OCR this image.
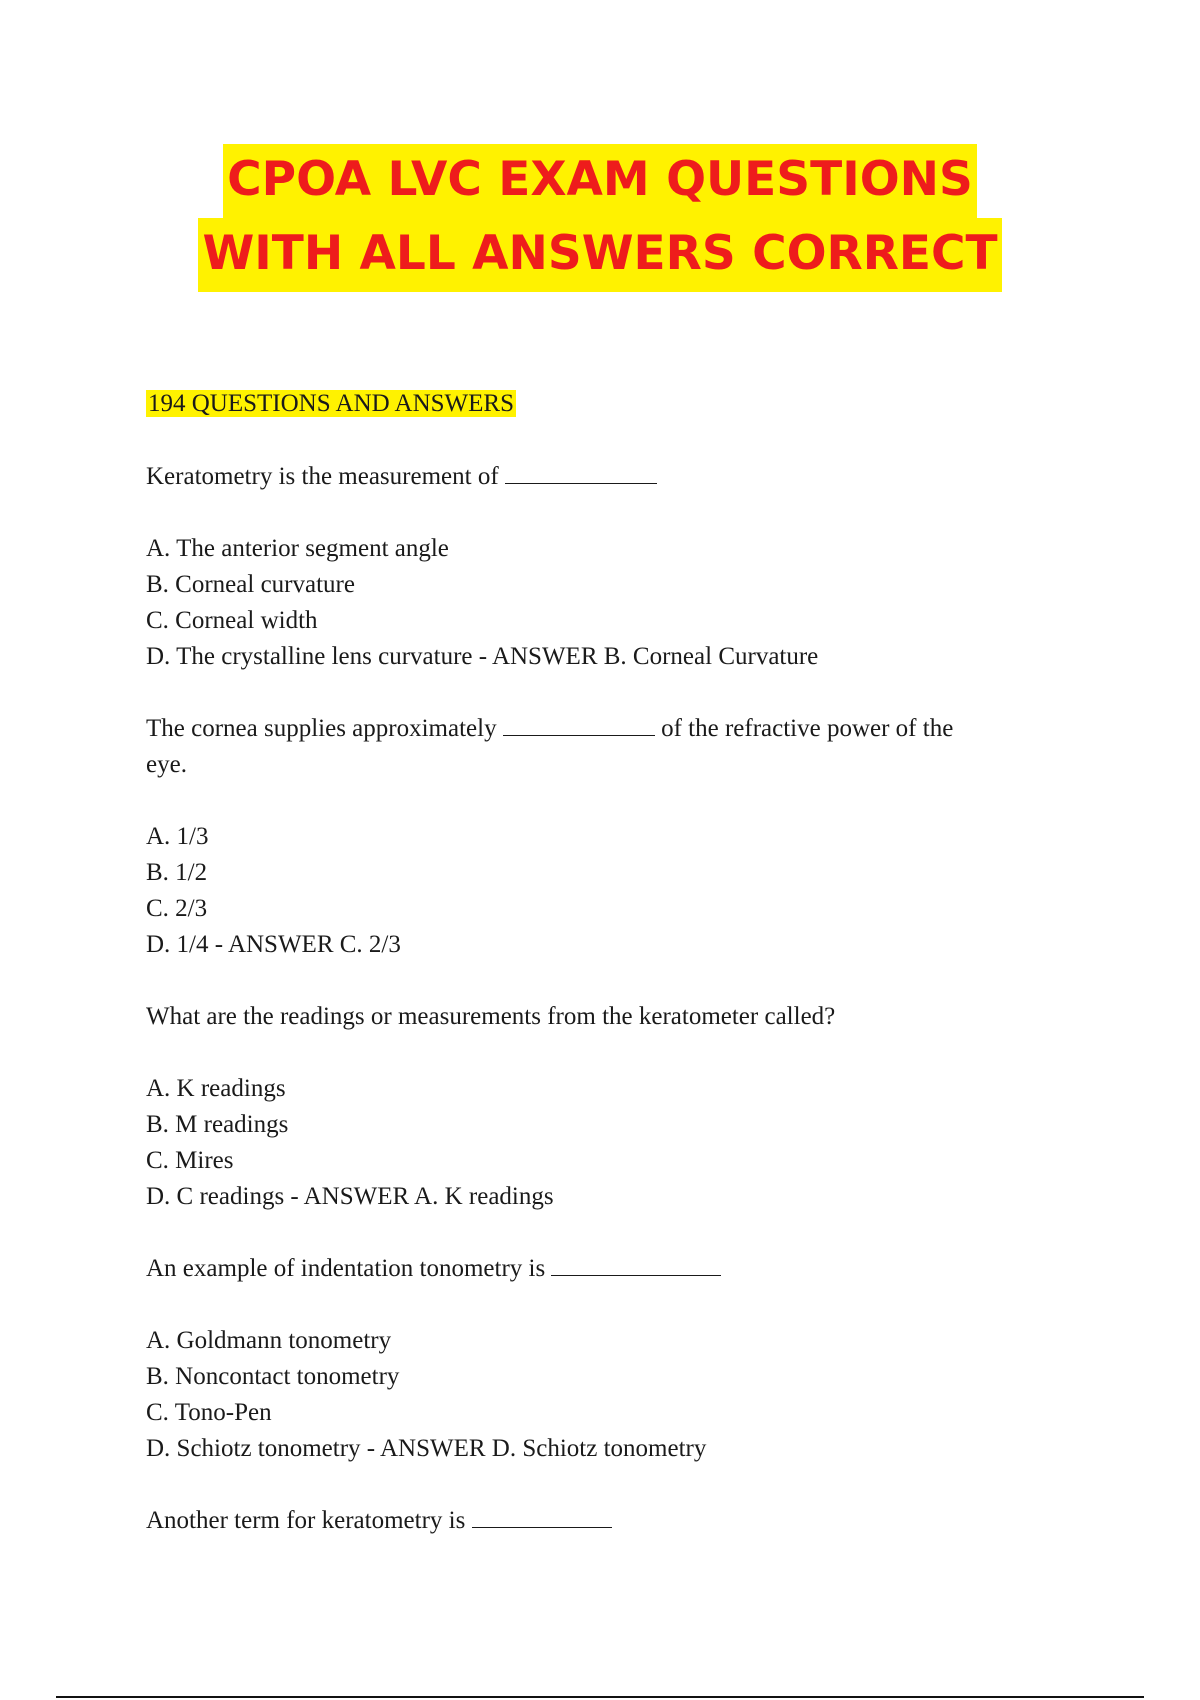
CPOA LVC EXAM QUESTIONS
WITH ALL ANSWERS CORRECT
194 QUESTIONS AND ANSWERS

Keratometry is the measurement of

A. The anterior segment angle

B. Corneal curvature

C. Corneal width

D. The crystalline lens curvature - ANSWER B. Corneal Curvature

The cornea supplies approximately	of the refractive power of the

eye.

A. 1/3

B. 1/2

C. 2/3

D. 1/4 - ANSWER C. 2/3

What are the readings or measurements from the keratometer called?

A. K readings

B. M readings

C. Mires

D. C readings - ANSWER A. K readings

An example of indentation tonometry is

A. Goldmann tonometry

B. Noncontact tonometry

C. Tono-Pen

D. Schiotz tonometry - ANSWER D. Schiotz tonometry

Another term for keratometry is
